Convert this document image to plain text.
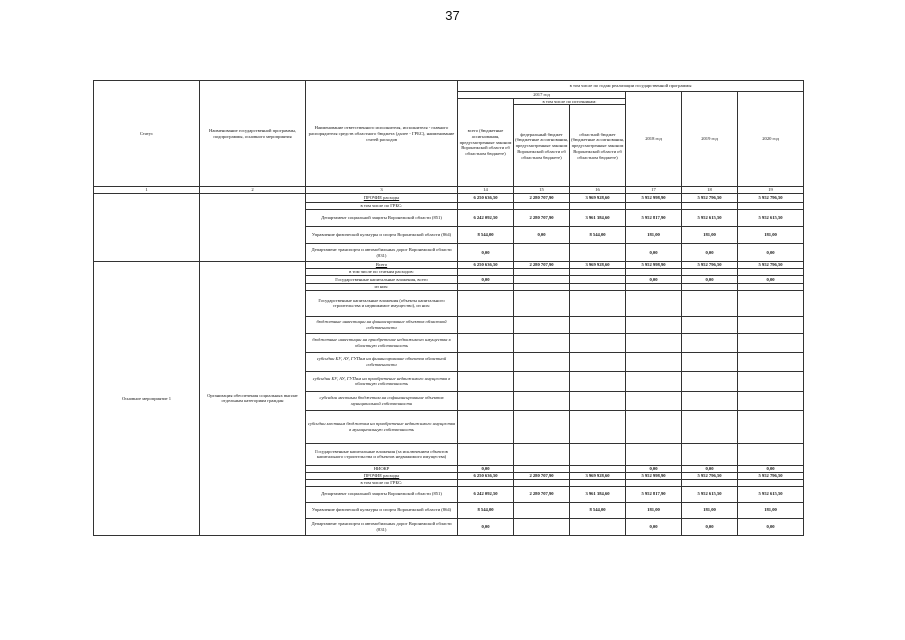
37
Статус	Наименование государственной программы, подпрограммы, основного мероприятия	Наименование ответственного исполнителя, исполнителя - главного распорядителя средств областного бюджета (далее - ГРБС), наименование статей расходов	в том числе по годам реализации государственной программы					
			2017 год			2018 год	2019 год	2020 год
			всего (бюджетные ассигнования, предусмотренные законом Воронежской области об областном бюджете)	в том числе по источникам:				
				федеральный бюджет (бюджетные ассигнования, предусмотренные законом Воронежской области об областном бюджете)	областной бюджет (бюджетные ассигнования, предусмотренные законом Воронежской области об областном бюджете)			
1	2	3	14	15	16	17	18	19
		ПРОЧИЕ расходы	6 250 636,50	2 280 707,90	3 969 928,60	5 952 998,90	5 952 796,50	5 952 796,50
		в том числе по ГРБС:						
		Департамент социальной защиты Воронежской области (851)	6 242 092,50	2 280 707,90	3 961 384,60	5 952 817,90	5 952 615,50	5 952 615,50
		Управление физической культуры и спорта Воронежской области (864)	8 544,00	0,00	8 544,00	181,00	181,00	181,00
		Департамент транспорта и автомобильных дорог Воронежской области (831)	0,00			0,00	0,00	0,00
Основное мероприятие 1	Организация обеспечения социальных выплат отдельным категориям граждан	Всего	6 250 636,50	2 280 707,90	3 969 928,60	5 952 998,90	5 952 796,50	5 952 796,50
		в том числе по статьям расходов:						
		Государственные капитальные вложения, всего	0,00			0,00	0,00	0,00
		из них:						
		Государственные капитальные вложения (объекты капитального строительства и недвижимое имущество), из них:						
		бюджетные инвестиции на финансирование объектов областной собственности						
		бюджетные инвестиции на приобретение недвижимого имущества в областную собственность						
		субсидии БУ, АУ, ГУПам на финансирование объектов областной собственности						
		субсидии БУ, АУ, ГУПам на приобретение недвижимого имущества в областную собственность						
		субсидии местным бюджетам на софинансирование объектов муниципальной собственности						
		субсидии местным бюджетам на приобретение недвижимого имущества в муниципальную собственность						
		Государственные капитальные вложения (за исключением объектов капитального строительства и объектов недвижимого имущества)						
		НИОКР	0,00			0,00	0,00	0,00
		ПРОЧИЕ расходы	6 250 636,50	2 280 707,90	3 969 928,60	5 952 998,90	5 952 796,50	5 952 796,50
		в том числе по ГРБС:						
		Департамент социальной защиты Воронежской области (851)	6 242 092,50	2 280 707,90	3 961 384,60	5 952 817,90	5 952 615,50	5 952 615,50
		Управление физической культуры и спорта Воронежской области (864)	8 544,00		8 544,00	181,00	181,00	181,00
		Департамент транспорта и автомобильных дорог Воронежской области (831)	0,00			0,00	0,00	0,00
